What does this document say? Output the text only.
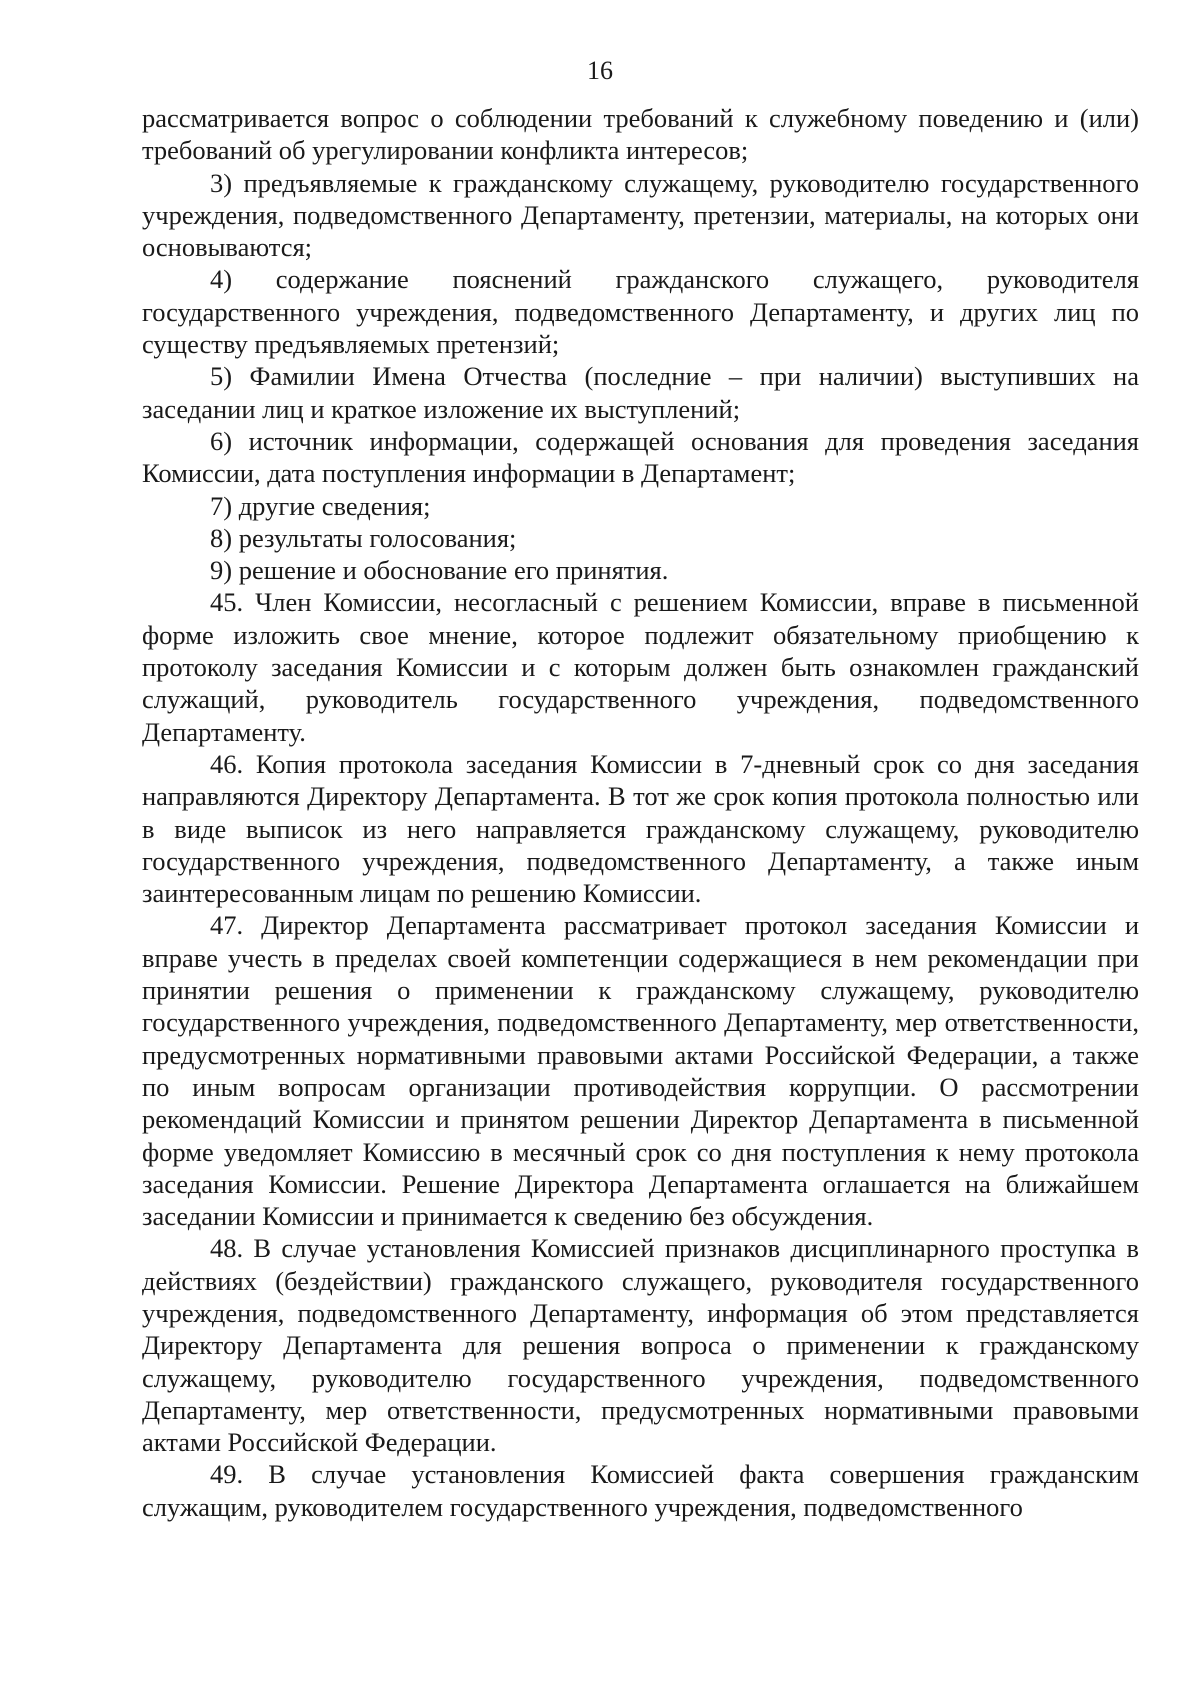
16

рассматривается вопрос о соблюдении требований к служебному поведению и (или) требований об урегулировании конфликта интересов;

3) предъявляемые к гражданскому служащему, руководителю государственного учреждения, подведомственного Департаменту, претензии, материалы, на которых они основываются;

4) содержание пояснений гражданского служащего, руководителя государственного учреждения, подведомственного Департаменту, и других лиц по существу предъявляемых претензий;

5) Фамилии Имена Отчества (последние – при наличии) выступивших на заседании лиц и краткое изложение их выступлений;

6) источник информации, содержащей основания для проведения заседания Комиссии, дата поступления информации в Департамент;

7) другие сведения;

8) результаты голосования;

9) решение и обоснование его принятия.

45. Член Комиссии, несогласный с решением Комиссии, вправе в письменной форме изложить свое мнение, которое подлежит обязательному приобщению к протоколу заседания Комиссии и с которым должен быть ознакомлен гражданский служащий, руководитель государственного учреждения, подведомственного Департаменту.

46. Копия протокола заседания Комиссии в 7-дневный срок со дня заседания направляются Директору Департамента. В тот же срок копия протокола полностью или в виде выписок из него направляется гражданскому служащему, руководителю государственного учреждения, подведомственного Департаменту, а также иным заинтересованным лицам по решению Комиссии.

47. Директор Департамента рассматривает протокол заседания Комиссии и вправе учесть в пределах своей компетенции содержащиеся в нем рекомендации при принятии решения о применении к гражданскому служащему, руководителю государственного учреждения, подведомственного Департаменту, мер ответственности, предусмотренных нормативными правовыми актами Российской Федерации, а также по иным вопросам организации противодействия коррупции. О рассмотрении рекомендаций Комиссии и принятом решении Директор Департамента в письменной форме уведомляет Комиссию в месячный срок со дня поступления к нему протокола заседания Комиссии. Решение Директора Департамента оглашается на ближайшем заседании Комиссии и принимается к сведению без обсуждения.

48. В случае установления Комиссией признаков дисциплинарного проступка в действиях (бездействии) гражданского служащего, руководителя государственного учреждения, подведомственного Департаменту, информация об этом представляется Директору Департамента для решения вопроса о применении к гражданскому служащему, руководителю государственного учреждения, подведомственного Департаменту, мер ответственности, предусмотренных нормативными правовыми актами Российской Федерации.

49. В случае установления Комиссией факта совершения гражданским служащим, руководителем государственного учреждения, подведомственного
